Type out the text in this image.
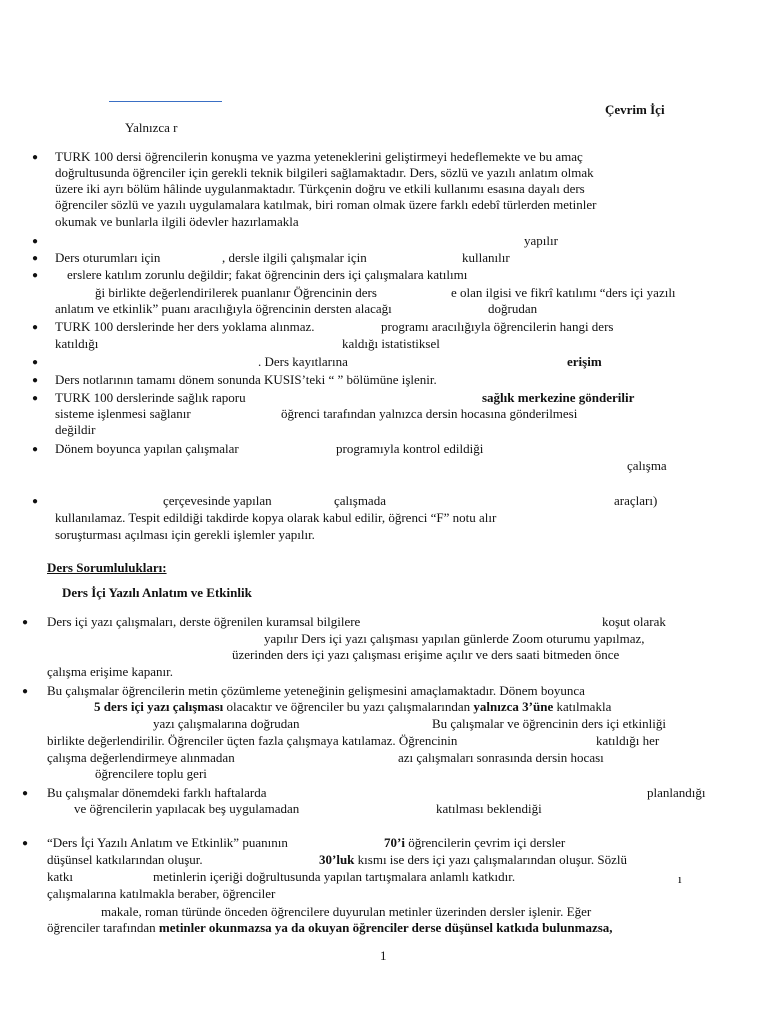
Çevrim İçi
Yalnızca r
● TURK 100 dersi öğrencilerin konuşma ve yazma yeteneklerini geliştirmeyi hedeflemekte ve bu amaç
doğrultusunda öğrenciler için gerekli teknik bilgileri sağlamaktadır. Ders, sözlü ve yazılı anlatım olmak
üzere iki ayrı bölüm hâlinde uygulanmaktadır. Türkçenin doğru ve etkili kullanımı esasına dayalı ders
öğrenciler sözlü ve yazılı uygulamalara katılmak, biri roman olmak üzere farklı edebî türlerden metinler
okumak ve bunlarla ilgili ödevler hazırlamakla
●	yapılır
● Ders oturumları için	, dersle ilgili çalışmalar için	kullanılır
● erslere katılım zorunlu değildir; fakat öğrencinin ders içi çalışmalara katılımı
ği birlikte değerlendirilerek puanlanır Öğrencinin ders	e olan ilgisi ve fikrî katılımı “ders içi yazılı
anlatım ve etkinlik” puanı aracılığıyla öğrencinin dersten alacağı	doğrudan
● TURK 100 derslerinde her ders yoklama alınmaz.	programı aracılığıyla öğrencilerin hangi ders
katıldığı	kaldığı istatistiksel
●	. Ders kayıtlarına	erişim
● Ders notlarının tamamı dönem sonunda KUSIS’teki “ ” bölümüne işlenir.
● TURK 100 derslerinde sağlık raporu	sağlık merkezine gönderilir
sisteme işlenmesi sağlanır	öğrenci tarafından yalnızca dersin hocasına gönderilmesi
değildir
● Dönem boyunca yapılan çalışmalar	programıyla kontrol edildiği
çalışma
●	çerçevesinde yapılan	çalışmada	araçları)
kullanılamaz. Tespit edildiği takdirde kopya olarak kabul edilir, öğrenci “F” notu alır
soruşturması açılması için gerekli işlemler yapılır.
Ders Sorumlulukları:
Ders İçi Yazılı Anlatım ve Etkinlik
● Ders içi yazı çalışmaları, derste öğrenilen kuramsal bilgilere	koşut olarak
yapılır Ders içi yazı çalışması yapılan günlerde Zoom oturumu yapılmaz,
üzerinden ders içi yazı çalışması erişime açılır ve ders saati bitmeden önce
çalışma erişime kapanır.
● Bu çalışmalar öğrencilerin metin çözümleme yeteneğinin gelişmesini amaçlamaktadır. Dönem boyunca
5 ders içi yazı çalışması olacaktır ve öğrenciler bu yazı çalışmalarından yalnızca 3’üne katılmakla
yazı çalışmalarına doğrudan	Bu çalışmalar ve öğrencinin ders içi etkinliği
birlikte değerlendirilir. Öğrenciler üçten fazla çalışmaya katılamaz. Öğrencinin	katıldığı her
çalışma değerlendirmeye alınmadan	azı çalışmaları sonrasında dersin hocası
öğrencilere toplu geri
● Bu çalışmalar dönemdeki farklı haftalarda	planlandığı
ve öğrencilerin yapılacak beş uygulamadan	katılması beklendiği
● “Ders İçi Yazılı Anlatım ve Etkinlik” puanının	70’i öğrencilerin çevrim içi dersler
düşünsel katkılarından oluşur.	30’luk kısmı ise ders içi yazı çalışmalarından oluşur. Sözlü
katkı	metinlerin içeriği doğrultusunda yapılan tartışmalara anlamlı katkıdır.	ı
çalışmalarına katılmakla beraber, öğrenciler
makale, roman türünde önceden öğrencilere duyurulan metinler üzerinden dersler işlenir. Eğer
öğrenciler tarafından metinler okunmazsa ya da okuyan öğrenciler derse düşünsel katkıda bulunmazsa,
1
